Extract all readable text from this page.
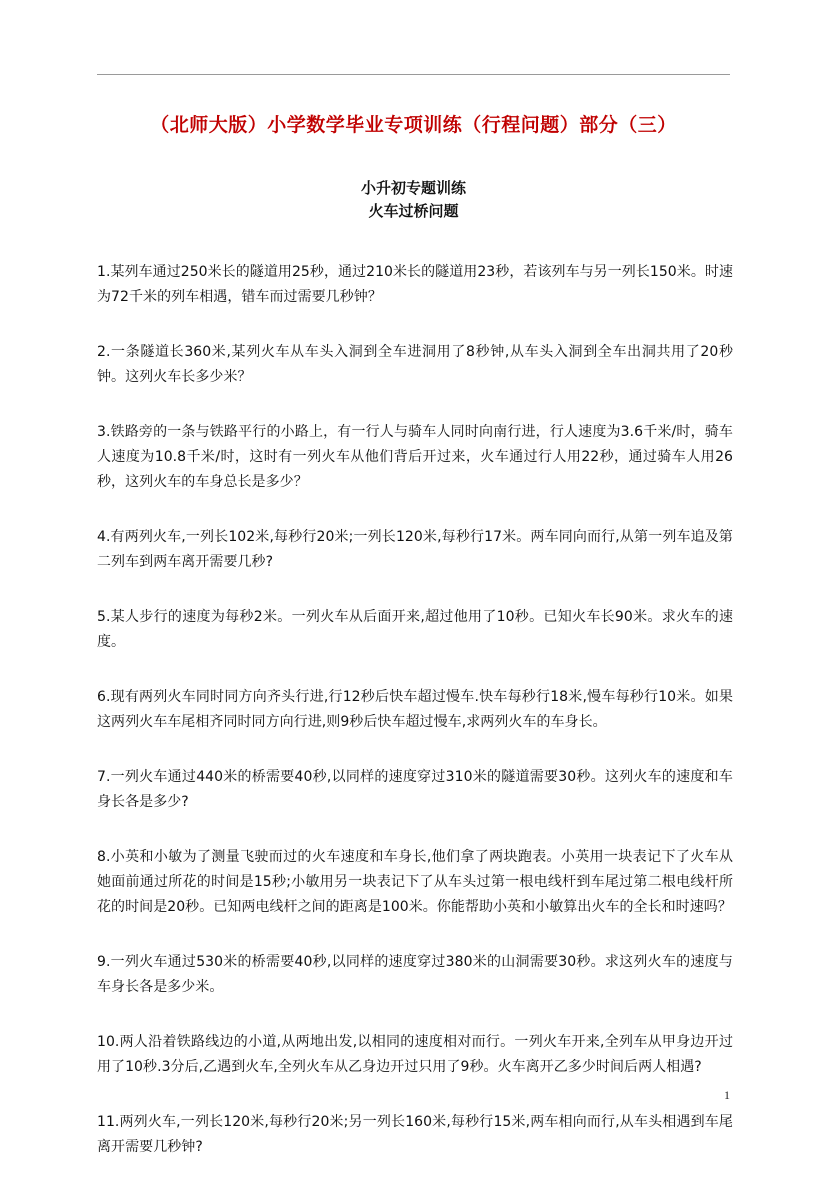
（北师大版）小学数学毕业专项训练（行程问题）部分（三）
小升初专题训练
火车过桥问题

1.某列车通过250米长的隧道用25秒，通过210米长的隧道用23秒，若该列车与另一列长150米。时速为72千米的列车相遇，错车而过需要几秒钟？

2.一条隧道长360米,某列火车从车头入洞到全车进洞用了8秒钟,从车头入洞到全车出洞共用了20秒钟。这列火车长多少米？

3.铁路旁的一条与铁路平行的小路上，有一行人与骑车人同时向南行进，行人速度为3.6千米/时，骑车人速度为10.8千米/时，这时有一列火车从他们背后开过来，火车通过行人用22秒，通过骑车人用26秒，这列火车的车身总长是多少？

4.有两列火车,一列长102米,每秒行20米;一列长120米,每秒行17米。两车同向而行,从第一列车追及第二列车到两车离开需要几秒?

5.某人步行的速度为每秒2米。一列火车从后面开来,超过他用了10秒。已知火车长90米。求火车的速度。

6.现有两列火车同时同方向齐头行进,行12秒后快车超过慢车.快车每秒行18米,慢车每秒行10米。如果这两列火车车尾相齐同时同方向行进,则9秒后快车超过慢车,求两列火车的车身长。

7.一列火车通过440米的桥需要40秒,以同样的速度穿过310米的隧道需要30秒。这列火车的速度和车身长各是多少?

8.小英和小敏为了测量飞驶而过的火车速度和车身长,他们拿了两块跑表。小英用一块表记下了火车从她面前通过所花的时间是15秒;小敏用另一块表记下了从车头过第一根电线杆到车尾过第二根电线杆所花的时间是20秒。已知两电线杆之间的距离是100米。你能帮助小英和小敏算出火车的全长和时速吗？

9.一列火车通过530米的桥需要40秒,以同样的速度穿过380米的山洞需要30秒。求这列火车的速度与车身长各是多少米。

10.两人沿着铁路线边的小道,从两地出发,以相同的速度相对而行。一列火车开来,全列车从甲身边开过用了10秒.3分后,乙遇到火车,全列火车从乙身边开过只用了9秒。火车离开乙多少时间后两人相遇?

11.两列火车,一列长120米,每秒行20米;另一列长160米,每秒行15米,两车相向而行,从车头相遇到车尾离开需要几秒钟?

1
